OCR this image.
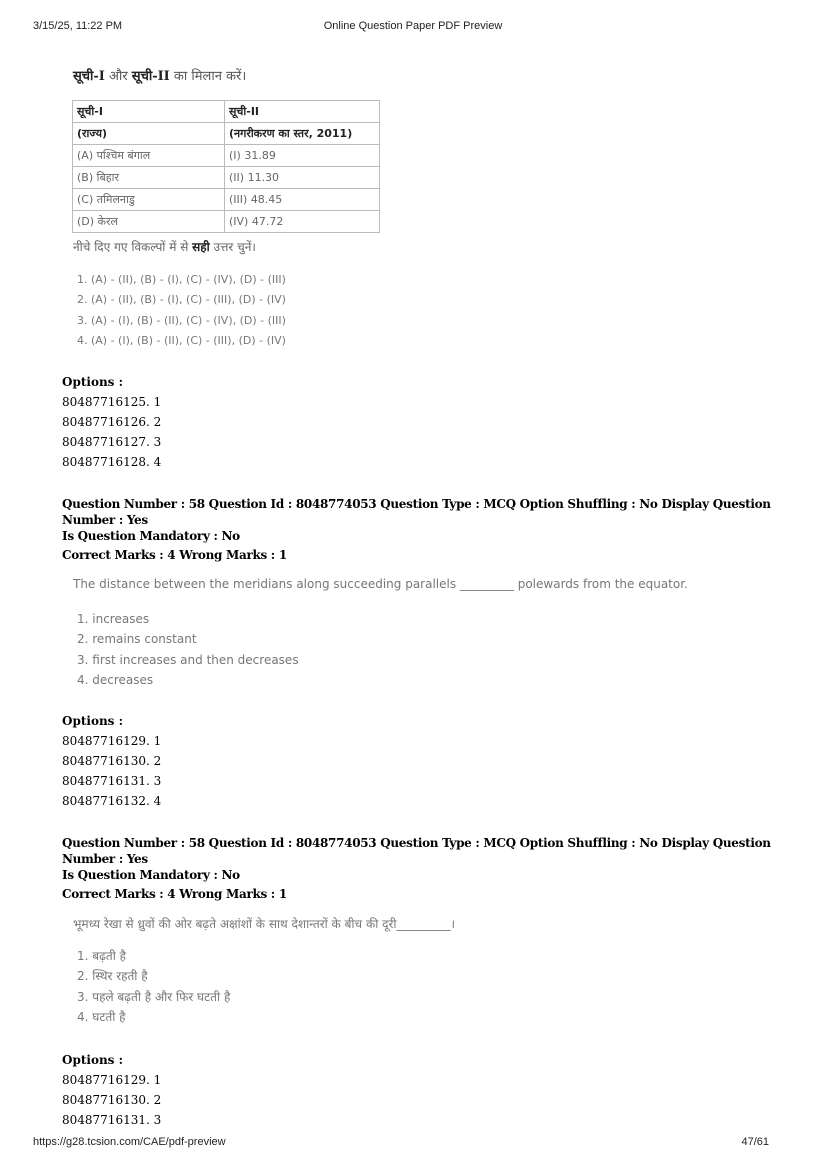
3/15/25, 11:22 PM	Online Question Paper PDF Preview
सूची-I और सूची-II का मिलान करें।
सूची-I	सूची-II
(राज्य)	(नगरीकरण का स्तर, 2011)
(A) पश्चिम बंगाल	(I) 31.89
(B) बिहार	(II) 11.30
(C) तमिलनाडु	(III) 48.45
(D) केरल	(IV) 47.72
नीचे दिए गए विकल्पों में से सही उत्तर चुनें।
1. (A) - (II), (B) - (I), (C) - (IV), (D) - (III)
2. (A) - (II), (B) - (I), (C) - (III), (D) - (IV)
3. (A) - (I), (B) - (II), (C) - (IV), (D) - (III)
4. (A) - (I), (B) - (II), (C) - (III), (D) - (IV)
Options :
80487716125. 1
80487716126. 2
80487716127. 3
80487716128. 4
Question Number : 58 Question Id : 8048774053 Question Type : MCQ Option Shuffling : No Display Question Number : Yes
Is Question Mandatory : No
Correct Marks : 4 Wrong Marks : 1
The distance between the meridians along succeeding parallels _________ polewards from the equator.
1. increases
2. remains constant
3. first increases and then decreases
4. decreases
Options :
80487716129. 1
80487716130. 2
80487716131. 3
80487716132. 4
Question Number : 58 Question Id : 8048774053 Question Type : MCQ Option Shuffling : No Display Question Number : Yes
Is Question Mandatory : No
Correct Marks : 4 Wrong Marks : 1
भूमध्य रेखा से ध्रुवों की ओर बढ़ते अक्षांशों के साथ देशान्तरों के बीच की दूरी_________।
1. बढ़ती है
2. स्थिर रहती है
3. पहले बढ़ती है और फिर घटती है
4. घटती है
Options :
80487716129. 1
80487716130. 2
80487716131. 3
https://g28.tcsion.com/CAE/pdf-preview	47/61
